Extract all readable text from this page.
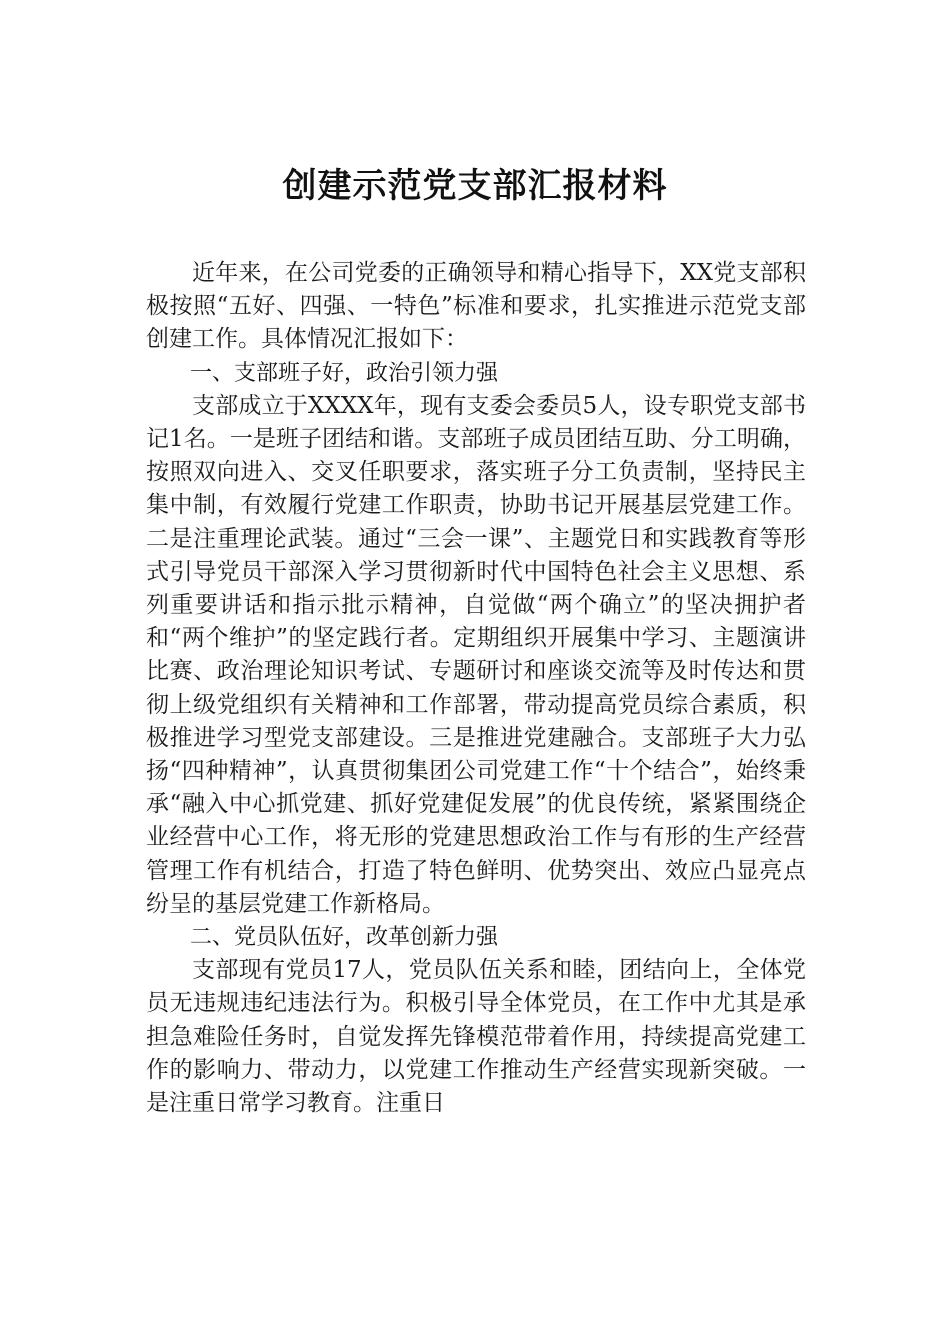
创建示范党支部汇报材料

近年来，在公司党委的正确领导和精心指导下，XX党支部积极按照“五好、四强、一特色”标准和要求，扎实推进示范党支部创建工作。具体情况汇报如下：

一、支部班子好，政治引领力强

支部成立于XXXX年，现有支委会委员5人，设专职党支部书记1名。一是班子团结和谐。支部班子成员团结互助、分工明确，按照双向进入、交叉任职要求，落实班子分工负责制，坚持民主集中制，有效履行党建工作职责，协助书记开展基层党建工作。二是注重理论武装。通过“三会一课”、主题党日和实践教育等形式引导党员干部深入学习贯彻新时代中国特色社会主义思想、系列重要讲话和指示批示精神，自觉做“两个确立”的坚决拥护者和“两个维护”的坚定践行者。定期组织开展集中学习、主题演讲比赛、政治理论知识考试、专题研讨和座谈交流等及时传达和贯彻上级党组织有关精神和工作部署，带动提高党员综合素质，积极推进学习型党支部建设。三是推进党建融合。支部班子大力弘扬“四种精神”，认真贯彻集团公司党建工作“十个结合”，始终秉承“融入中心抓党建、抓好党建促发展”的优良传统，紧紧围绕企业经营中心工作，将无形的党建思想政治工作与有形的生产经营管理工作有机结合，打造了特色鲜明、优势突出、效应凸显亮点纷呈的基层党建工作新格局。

二、党员队伍好，改革创新力强

支部现有党员17人，党员队伍关系和睦，团结向上，全体党员无违规违纪违法行为。积极引导全体党员，在工作中尤其是承担急难险任务时，自觉发挥先锋模范带着作用，持续提高党建工作的影响力、带动力，以党建工作推动生产经营实现新突破。一是注重日常学习教育。注重日
